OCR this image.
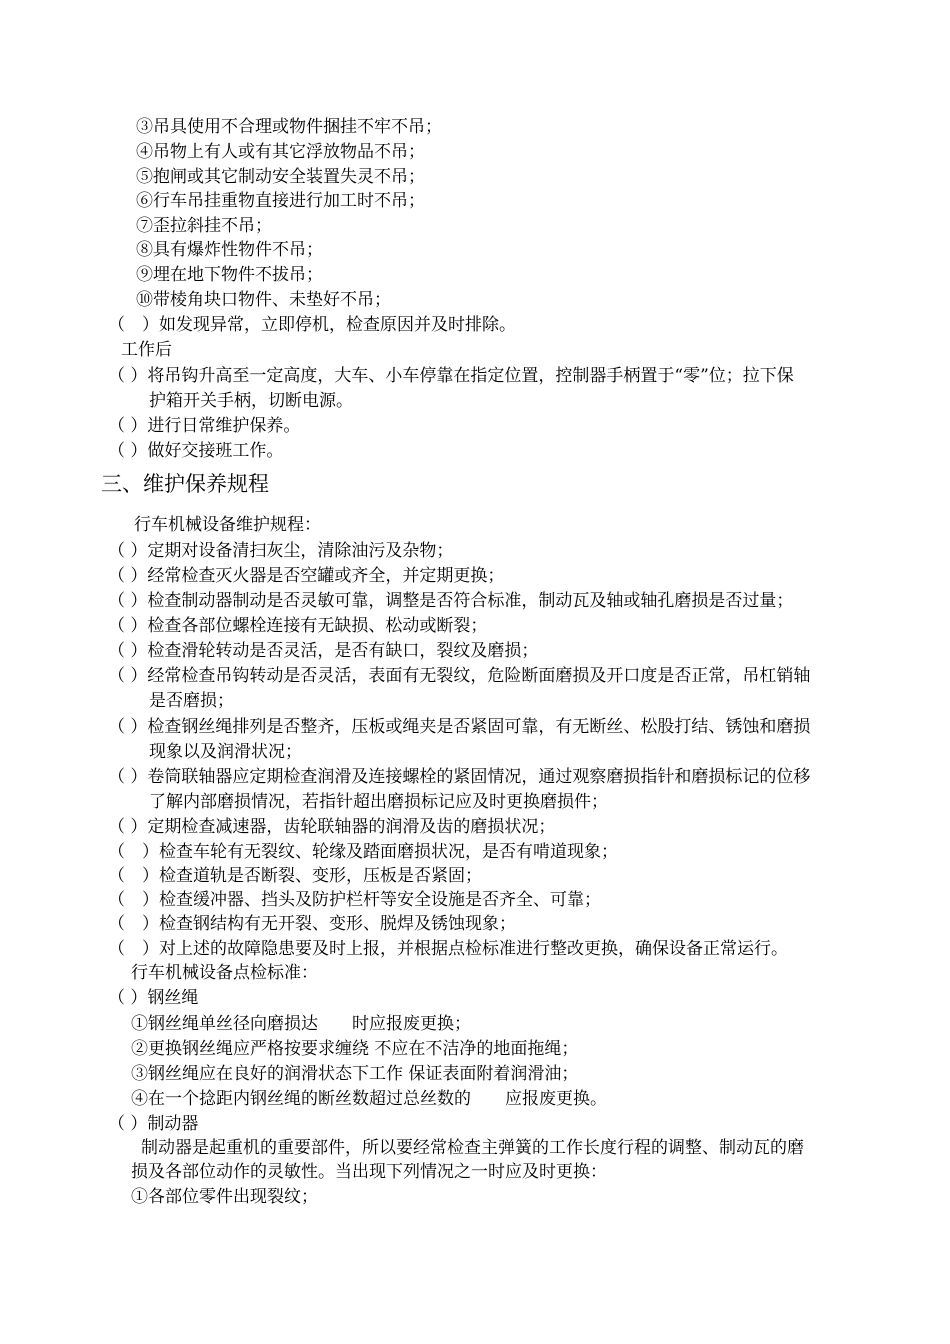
③吊具使用不合理或物件捆挂不牢不吊；
④吊物上有人或有其它浮放物品不吊；
⑤抱闸或其它制动安全装置失灵不吊；
⑥行车吊挂重物直接进行加工时不吊；
⑦歪拉斜挂不吊；
⑧具有爆炸性物件不吊；
⑨埋在地下物件不拔吊；
⑩带棱角块口物件、未垫好不吊；
（　）如发现异常，立即停机，检查原因并及时排除。
工作后
（ ）将吊钩升高至一定高度，大车、小车停靠在指定位置，控制器手柄置于“零”位；拉下保
护箱开关手柄，切断电源。
（ ）进行日常维护保养。
（ ）做好交接班工作。
三、维护保养规程
行车机械设备维护规程：
（ ）定期对设备清扫灰尘，清除油污及杂物；
（ ）经常检查灭火器是否空罐或齐全，并定期更换；
（ ）检查制动器制动是否灵敏可靠，调整是否符合标准，制动瓦及轴或轴孔磨损是否过量；
（ ）检查各部位螺栓连接有无缺损、松动或断裂；
（ ）检查滑轮转动是否灵活，是否有缺口，裂纹及磨损；
（ ）经常检查吊钩转动是否灵活，表面有无裂纹，危险断面磨损及开口度是否正常，吊杠销轴
是否磨损；
（ ）检查钢丝绳排列是否整齐，压板或绳夹是否紧固可靠，有无断丝、松股打结、锈蚀和磨损
现象以及润滑状况；
（ ）卷筒联轴器应定期检查润滑及连接螺栓的紧固情况，通过观察磨损指针和磨损标记的位移
了解内部磨损情况，若指针超出磨损标记应及时更换磨损件；
（ ）定期检查减速器，齿轮联轴器的润滑及齿的磨损状况；
（　）检查车轮有无裂纹、轮缘及踏面磨损状况，是否有啃道现象；
（　）检查道轨是否断裂、变形，压板是否紧固；
（　）检查缓冲器、挡头及防护栏杆等安全设施是否齐全、可靠；
（　）检查钢结构有无开裂、变形、脱焊及锈蚀现象；
（　）对上述的故障隐患要及时上报，并根据点检标准进行整改更换，确保设备正常运行。
行车机械设备点检标准：
（ ）钢丝绳
①钢丝绳单丝径向磨损达　　时应报废更换；
②更换钢丝绳应严格按要求缠绕 不应在不洁净的地面拖绳；
③钢丝绳应在良好的润滑状态下工作 保证表面附着润滑油；
④在一个捻距内钢丝绳的断丝数超过总丝数的　　应报废更换。
（ ）制动器
制动器是起重机的重要部件，所以要经常检查主弹簧的工作长度行程的调整、制动瓦的磨
损及各部位动作的灵敏性。当出现下列情况之一时应及时更换：
①各部位零件出现裂纹；
